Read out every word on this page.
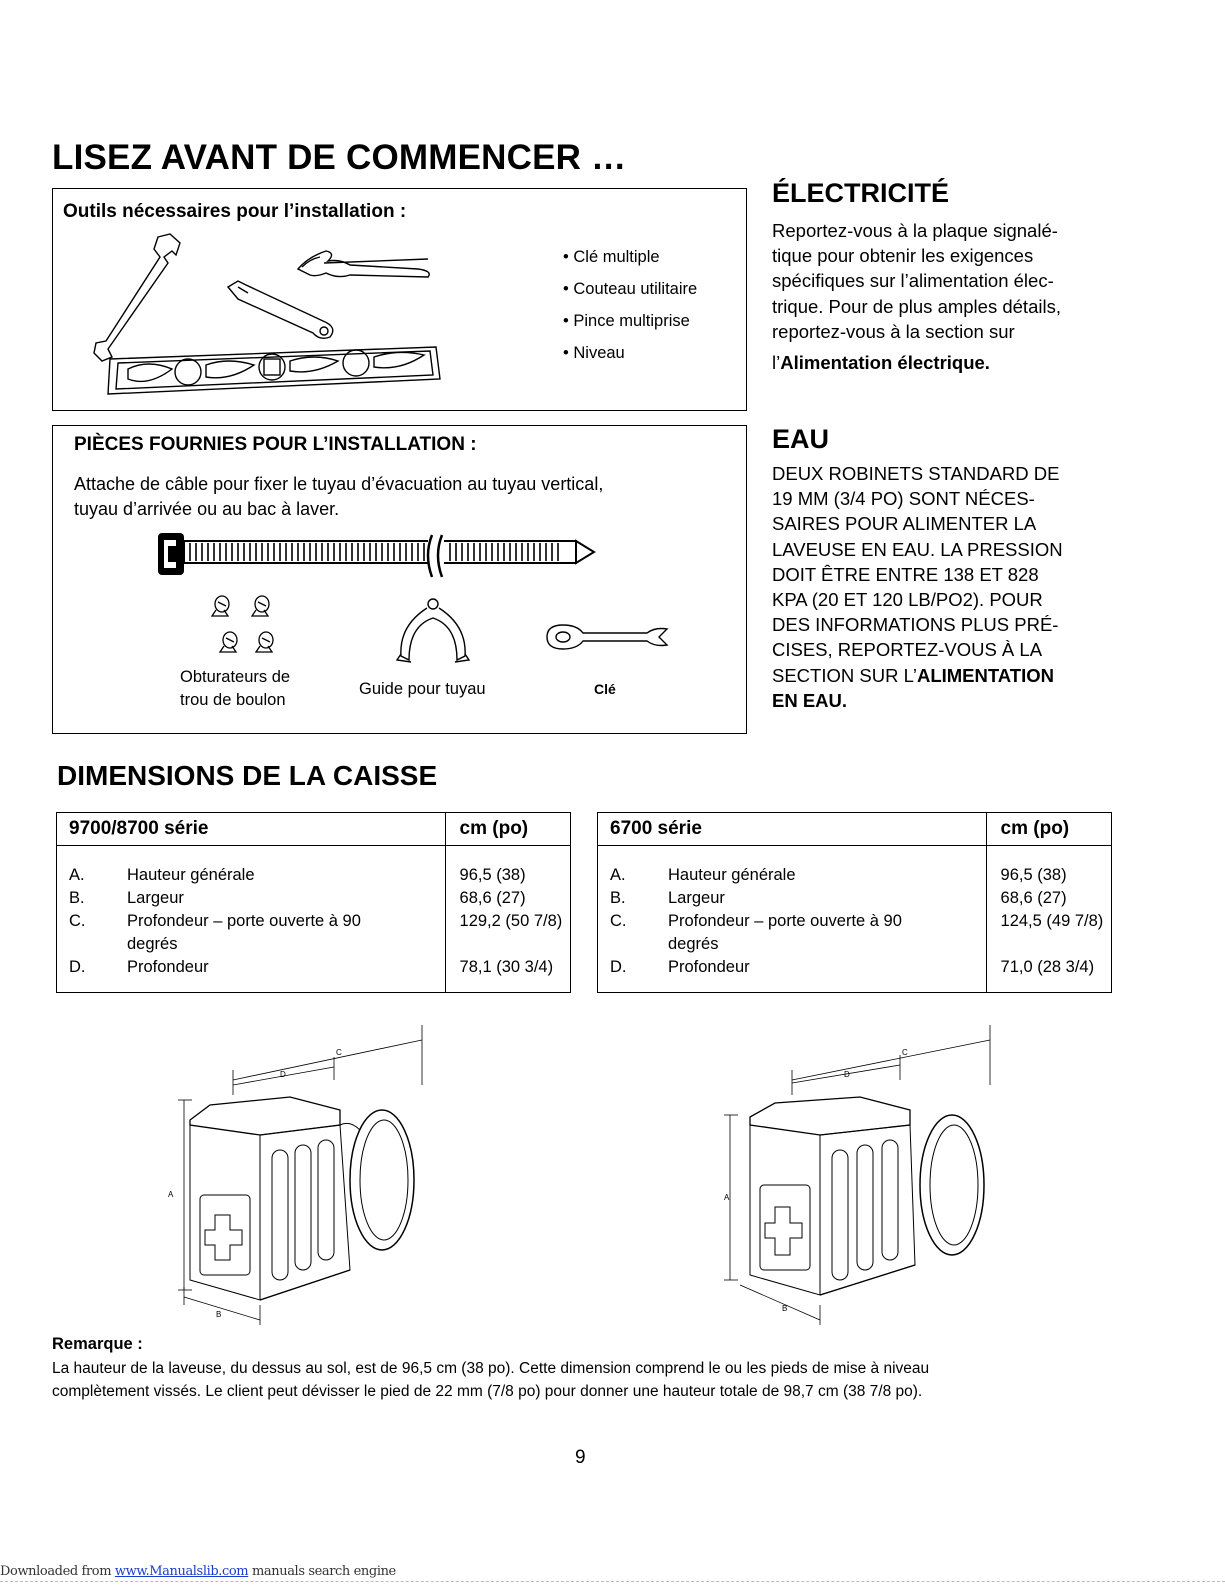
LISEZ AVANT DE COMMENCER …
Outils nécessaires pour l’installation :
• Clé multiple
• Couteau utilitaire
• Pince multiprise
• Niveau
ÉLECTRICITÉ
Reportez-vous à la plaque signalé-
tique pour obtenir les exigences
spécifiques sur l’alimentation élec-
trique. Pour de plus amples détails,
reportez-vous à la section sur
l’Alimentation électrique.
PIÈCES FOURNIES POUR L’INSTALLATION :
Attache de câble pour fixer le tuyau d’évacuation au tuyau vertical,
tuyau d’arrivée ou au bac à laver.
Obturateurs de
trou de boulon
Guide pour tuyau	Clé
EAU
DEUX ROBINETS STANDARD DE
19 MM (3/4 PO) SONT NÉCES-
SAIRES POUR ALIMENTER LA
LAVEUSE EN EAU. LA PRESSION
DOIT ÊTRE ENTRE 138 ET 828
KPA (20 ET 120 LB/PO2). POUR
DES INFORMATIONS PLUS PRÉ-
CISES, REPORTEZ-VOUS À LA
SECTION SUR L’ALIMENTATION
EN EAU.
DIMENSIONS DE LA CAISSE
9700/8700 série		cm (po)

A.	Hauteur générale	96,5 (38)
B.	Largeur	68,6 (27)
C.	Profondeur – porte ouverte à 90
degrés	129,2 (50 7/8)
D.	Profondeur	78,1 (30 3/4)

6700 série		cm (po)

A.	Hauteur générale	96,5 (38)
B.	Largeur	68,6 (27)
C.	Profondeur – porte ouverte à 90
degrés	124,5 (49 7/8)
D.	Profondeur	71,0 (28 3/4)

C
D
A
B
C
D
A
B
Remarque :
La hauteur de la laveuse, du dessus au sol, est de 96,5 cm (38 po). Cette dimension comprend le ou les pieds de mise à niveau
complètement vissés. Le client peut dévisser le pied de 22 mm (7/8 po) pour donner une hauteur totale de 98,7 cm (38 7/8 po).
9
Downloaded from www.Manualslib.com manuals search engine
